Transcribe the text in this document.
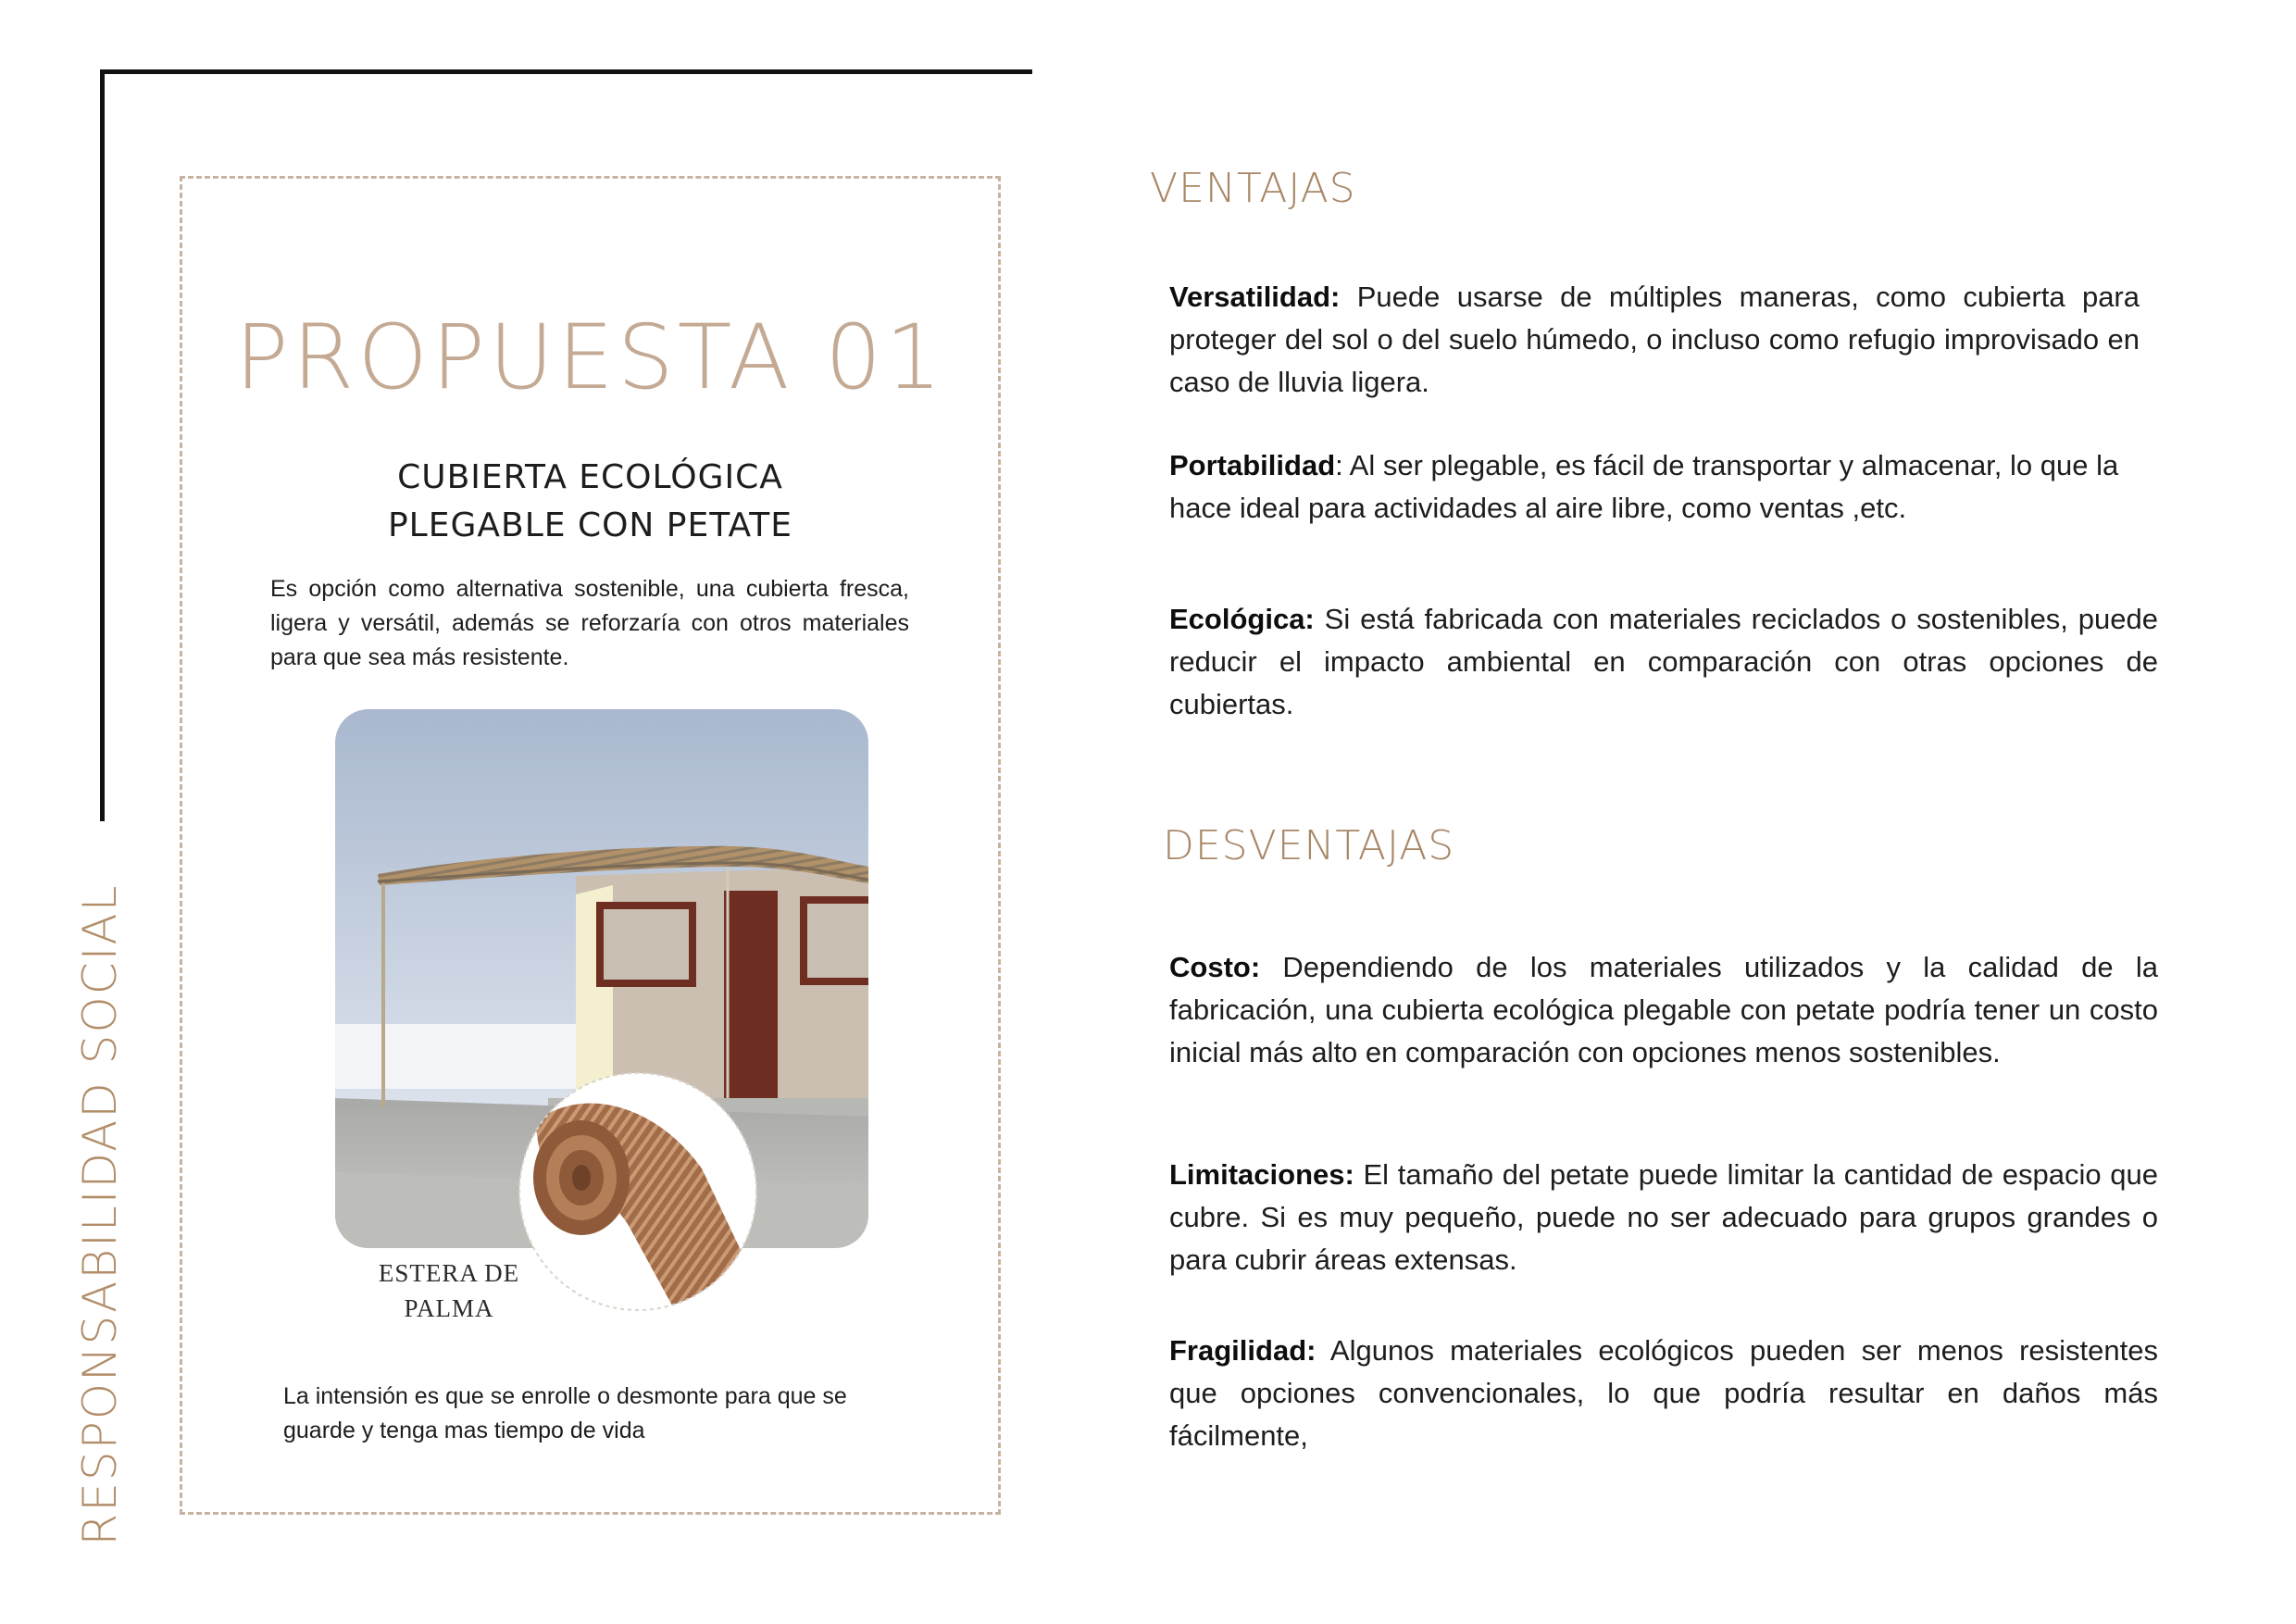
RESPONSABILIDAD SOCIAL
PROPUESTA 01
CUBIERTA ECOLÓGICA
PLEGABLE CON PETATE
Es opción como alternativa sostenible, una cubierta fresca, ligera y versátil, además se reforzaría con otros materiales para que sea más resistente.
ESTERA DE
PALMA
La intensión es que se enrolle o desmonte para que se guarde y tenga mas tiempo de vida
VENTAJAS
Versatilidad: Puede usarse de múltiples maneras, como cubierta para proteger del sol o del suelo húmedo, o incluso como refugio improvisado en caso de lluvia ligera.
Portabilidad: Al ser plegable, es fácil de transportar y almacenar, lo que la hace ideal para actividades al aire libre, como ventas ,etc.
Ecológica: Si está fabricada con materiales reciclados o sostenibles, puede reducir el impacto ambiental en comparación con otras opciones de cubiertas.
DESVENTAJAS
Costo: Dependiendo de los materiales utilizados y la calidad de la fabricación, una cubierta ecológica plegable con petate podría tener un costo inicial más alto en comparación con opciones menos sostenibles.
Limitaciones: El tamaño del petate puede limitar la cantidad de espacio que cubre. Si es muy pequeño, puede no ser adecuado para grupos grandes o para cubrir áreas extensas.
Fragilidad: Algunos materiales ecológicos pueden ser menos resistentes que opciones convencionales, lo que podría resultar en daños más fácilmente,
